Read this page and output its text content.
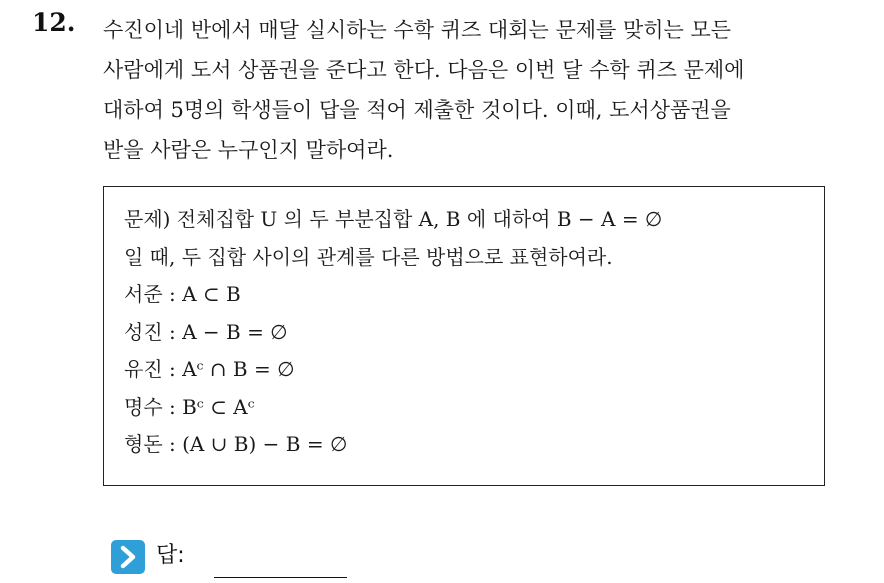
12. 수진이네 반에서 매달 실시하는 수학 퀴즈 대회는 문제를 맞히는 모든
사람에게 도서 상품권을 준다고 한다. 다음은 이번 달 수학 퀴즈 문제에
대하여 5명의 학생들이 답을 적어 제출한 것이다. 이때, 도서상품권을
받을 사람은 누구인지 말하여라.
문제) 전체집합 U 의 두 부분집합 A, B 에 대하여 B − A = ∅
일 때, 두 집합 사이의 관계를 다른 방법으로 표현하여라.
서준 : A ⊂ B
성진 : A − B = ∅
유진 : Aᶜ ∩ B = ∅
명수 : Bᶜ ⊂ Aᶜ
형돈 : (A ∪ B) − B = ∅
답:
